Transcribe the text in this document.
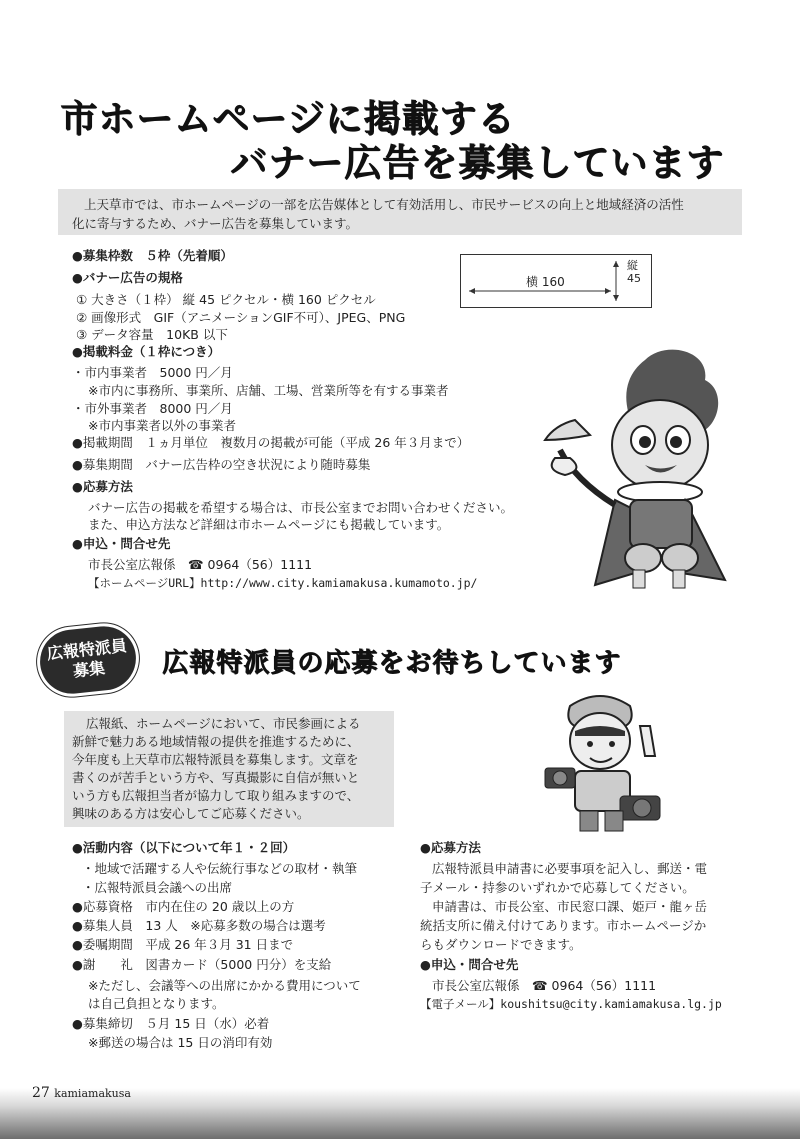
市ホームページに掲載する
バナー広告を募集しています
上天草市では、市ホームページの一部を広告媒体として有効活用し、市民サービスの向上と地域経済の活性
化に寄与するため、バナー広告を募集しています。
●募集枠数　５枠（先着順）
●バナー広告の規格
① 大きさ（１枠） 縦 45 ピクセル・横 160 ピクセル
② 画像形式　GIF（アニメーションGIF不可）、JPEG、PNG
③ データ容量　10KB 以下
●掲載料金（１枠につき）
・市内事業者　5000 円／月
※市内に事務所、事業所、店舗、工場、営業所等を有する事業者
・市外事業者　8000 円／月
※市内事業者以外の事業者
●掲載期間　１ヵ月単位　複数月の掲載が可能（平成 26 年３月まで）
●募集期間　バナー広告枠の空き状況により随時募集
●応募方法
バナー広告の掲載を希望する場合は、市長公室までお問い合わせください。
また、申込方法など詳細は市ホームページにも掲載しています。
●申込・問合せ先
市長公室広報係　☎ 0964（56）1111
【ホームページURL】http://www.city.kamiamakusa.kumamoto.jp/
横 160
縦45
広報特派員
募集	広報特派員の応募をお待ちしています
広報紙、ホームページにおいて、市民参画による
新鮮で魅力ある地域情報の提供を推進するために、
今年度も上天草市広報特派員を募集します。文章を
書くのが苦手という方や、写真撮影に自信が無いと
いう方も広報担当者が協力して取り組みますので、
興味のある方は安心してご応募ください。
●活動内容（以下について年１・２回）
・地域で活躍する人や伝統行事などの取材・執筆
・広報特派員会議への出席
●応募資格　市内在住の 20 歳以上の方
●募集人員　13 人　※応募多数の場合は選考
●委嘱期間　平成 26 年３月 31 日まで
●謝　　礼　図書カード（5000 円分）を支給
※ただし、会議等への出席にかかる費用について
は自己負担となります。
●募集締切　５月 15 日（水）必着
※郵送の場合は 15 日の消印有効
●応募方法
広報特派員申請書に必要事項を記入し、郵送・電
子メール・持参のいずれかで応募してください。
申請書は、市長公室、市民窓口課、姫戸・龍ヶ岳
統括支所に備え付けてあります。市ホームページか
らもダウンロードできます。
●申込・問合せ先
市長公室広報係　☎ 0964（56）1111
【電子メール】koushitsu@city.kamiamakusa.lg.jp
27 kamiamakusa
